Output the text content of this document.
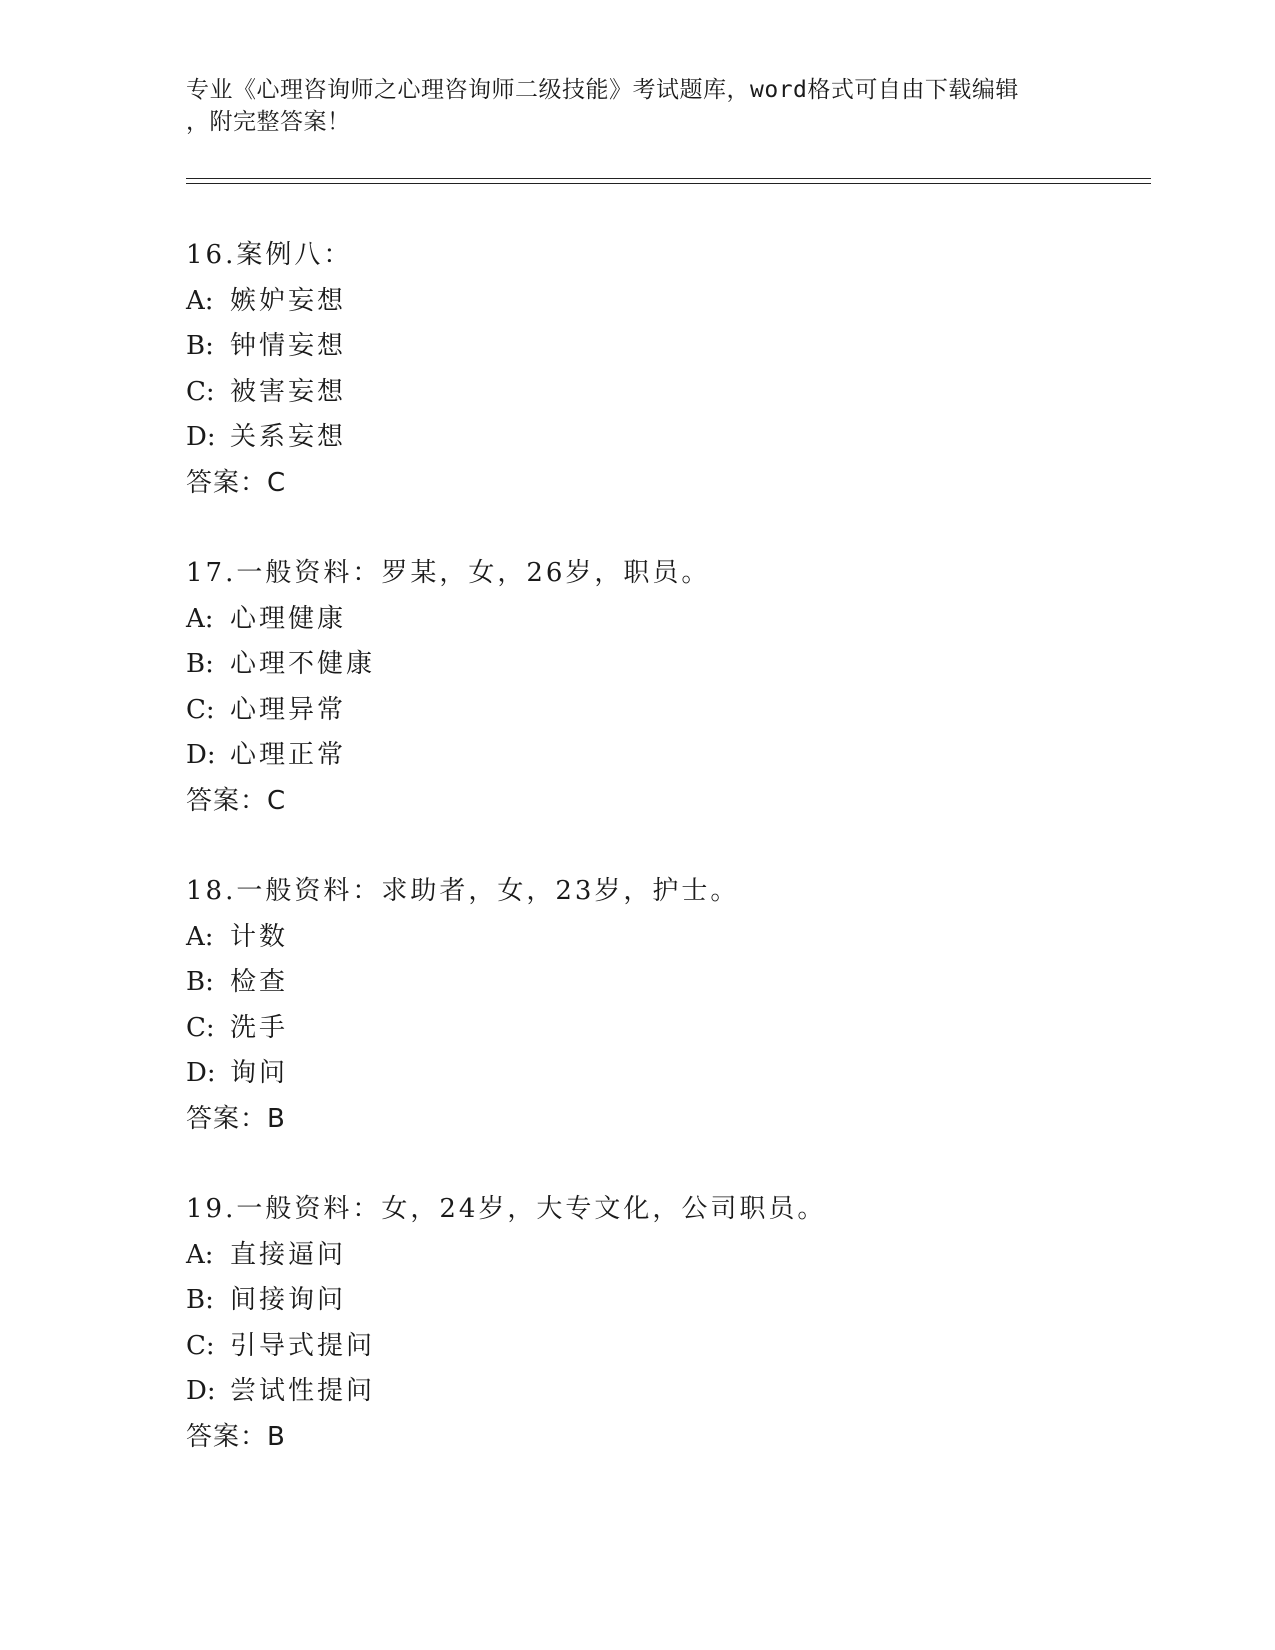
专业《心理咨询师之心理咨询师二级技能》考试题库，word格式可自由下载编辑
，附完整答案！
16.案例八：
A: 嫉妒妄想
B: 钟情妄想
C: 被害妄想
D: 关系妄想
答案：C
17.一般资料：罗某，女，26岁，职员。
A: 心理健康
B: 心理不健康
C: 心理异常
D: 心理正常
答案：C
18.一般资料：求助者，女，23岁，护士。
A: 计数
B: 检查
C: 洗手
D: 询问
答案：B
19.一般资料：女，24岁，大专文化，公司职员。
A: 直接逼问
B: 间接询问
C: 引导式提问
D: 尝试性提问
答案：B
